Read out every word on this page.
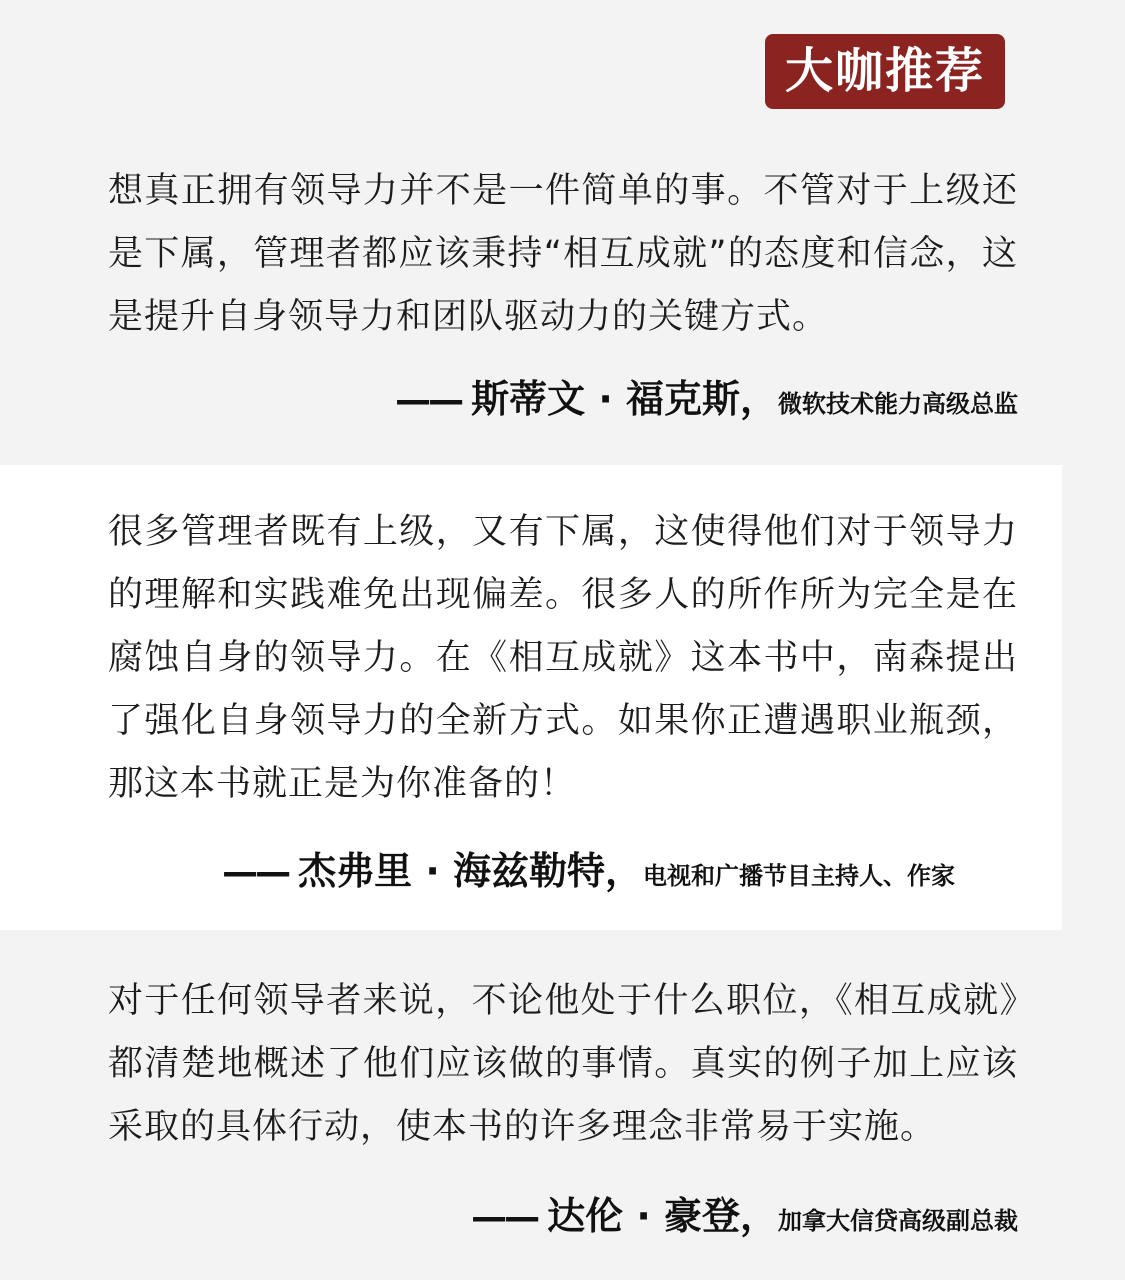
想真正拥有领导力并不是一件简单的事。不管对于上级还是下属，管理者都应该秉持“相互成就”的态度和信念，这是提升自身领导力和团队驱动力的关键方式。

—— 斯蒂文 · 福克斯，微软技术能力高级总监

很多管理者既有上级，又有下属，这使得他们对于领导力的理解和实践难免出现偏差。很多人的所作所为完全是在腐蚀自身的领导力。在《相互成就》这本书中，南森提出了强化自身领导力的全新方式。如果你正遭遇职业瓶颈，那这本书就正是为你准备的！

—— 杰弗里 · 海兹勒特，电视和广播节目主持人、作家

对于任何领导者来说，不论他处于什么职位，《相互成就》都清楚地概述了他们应该做的事情。真实的例子加上应该采取的具体行动，使本书的许多理念非常易于实施。

—— 达伦 · 豪登，加拿大信贷高级副总裁
大咖推荐
